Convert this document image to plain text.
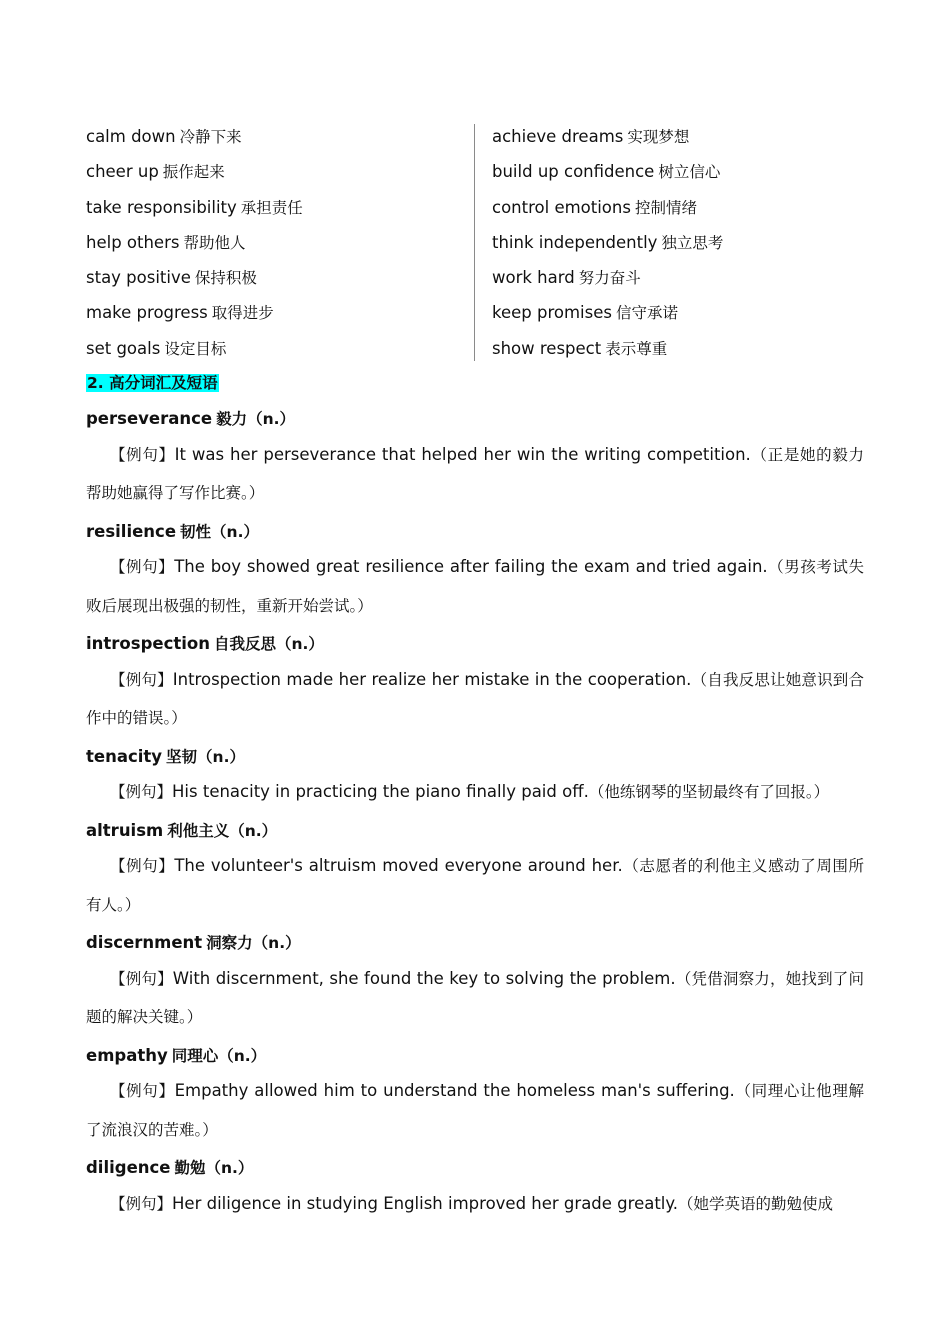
calm down 冷静下来
cheer up 振作起来
take responsibility 承担责任
help others 帮助他人
stay positive 保持积极
make progress 取得进步
set goals 设定目标
achieve dreams 实现梦想
build up confidence 树立信心
control emotions 控制情绪
think independently 独立思考
work hard 努力奋斗
keep promises 信守承诺
show respect 表示尊重
2. 高分词汇及短语
perseverance 毅力（n.）

【例句】It was her perseverance that helped her win the writing competition.（正是她的毅力帮助她赢得了写作比赛。）

resilience 韧性（n.）

【例句】The boy showed great resilience after failing the exam and tried again.（男孩考试失败后展现出极强的韧性，重新开始尝试。）

introspection 自我反思（n.）

【例句】Introspection made her realize her mistake in the cooperation.（自我反思让她意识到合作中的错误。）

tenacity 坚韧（n.）

【例句】His tenacity in practicing the piano finally paid off.（他练钢琴的坚韧最终有了回报。）

altruism 利他主义（n.）

【例句】The volunteer's altruism moved everyone around her.（志愿者的利他主义感动了周围所有人。）

discernment 洞察力（n.）

【例句】With discernment, she found the key to solving the problem.（凭借洞察力，她找到了问题的解决关键。）

empathy 同理心（n.）

【例句】Empathy allowed him to understand the homeless man's suffering.（同理心让他理解了流浪汉的苦难。）

diligence 勤勉（n.）

【例句】Her diligence in studying English improved her grade greatly.（她学英语的勤勉使成
